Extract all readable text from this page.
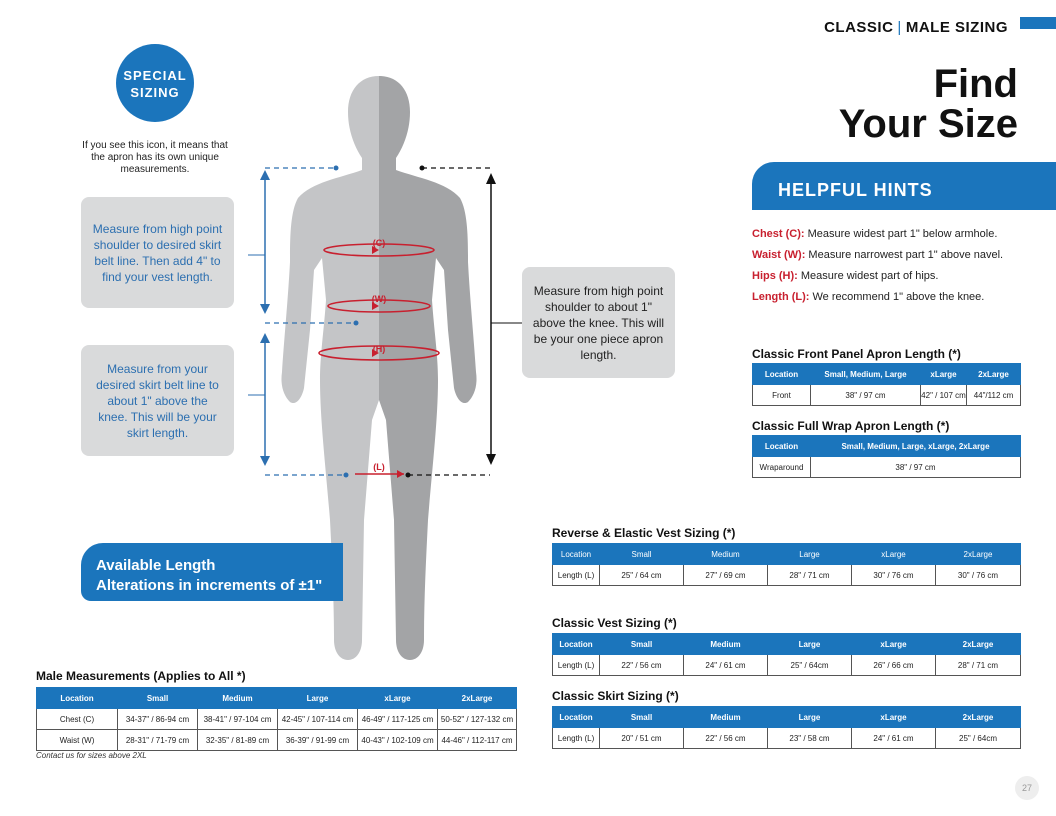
CLASSIC | MALE SIZING
Find
Your Size
HELPFUL HINTS
Chest (C): Measure widest part 1" below armhole.
Waist (W): Measure narrowest part 1" above navel.
Hips (H): Measure widest part of hips.
Length (L): We recommend 1" above the knee.
SPECIAL
SIZING
If you see this icon, it means that the apron has its own unique measurements.
(C)
(W)
(H)
(L)
Measure from high point shoulder to desired skirt belt line. Then add 4" to find your vest length.
Measure from your desired skirt belt line to about 1" above the knee. This will be your skirt length.
Measure from high point shoulder to about 1" above the knee. This will be your one piece apron length.
Available Length
Alterations in increments of ±1"
Classic Front Panel Apron Length (*)
Location	Small, Medium, Large	xLarge	2xLarge
Front	38" / 97 cm	42" / 107 cm	44"/112 cm
Classic Full Wrap Apron Length (*)
Location	Small, Medium, Large, xLarge, 2xLarge
Wraparound	38" / 97 cm
Reverse & Elastic Vest Sizing (*)
Location	Small	Medium	Large	xLarge	2xLarge
Length (L)	25" / 64 cm	27" / 69 cm	28" / 71 cm	30" / 76 cm	30" / 76 cm
Classic Vest Sizing (*)
Location	Small	Medium	Large	xLarge	2xLarge
Length (L)	22" / 56 cm	24" / 61 cm	25" / 64cm	26" / 66 cm	28" / 71 cm
Classic Skirt Sizing (*)
Location	Small	Medium	Large	xLarge	2xLarge
Length (L)	20" / 51 cm	22" / 56 cm	23" / 58 cm	24" / 61 cm	25" / 64cm
Male Measurements (Applies to All *)
Location	Small	Medium	Large	xLarge	2xLarge
Chest (C)	34-37" / 86-94 cm	38-41" / 97-104 cm	42-45" / 107-114 cm	46-49" / 117-125 cm	50-52" / 127-132 cm
Waist (W)	28-31" / 71-79 cm	32-35" / 81-89 cm	36-39" / 91-99 cm	40-43" / 102-109 cm	44-46" / 112-117 cm
Contact us for sizes above 2XL
27
